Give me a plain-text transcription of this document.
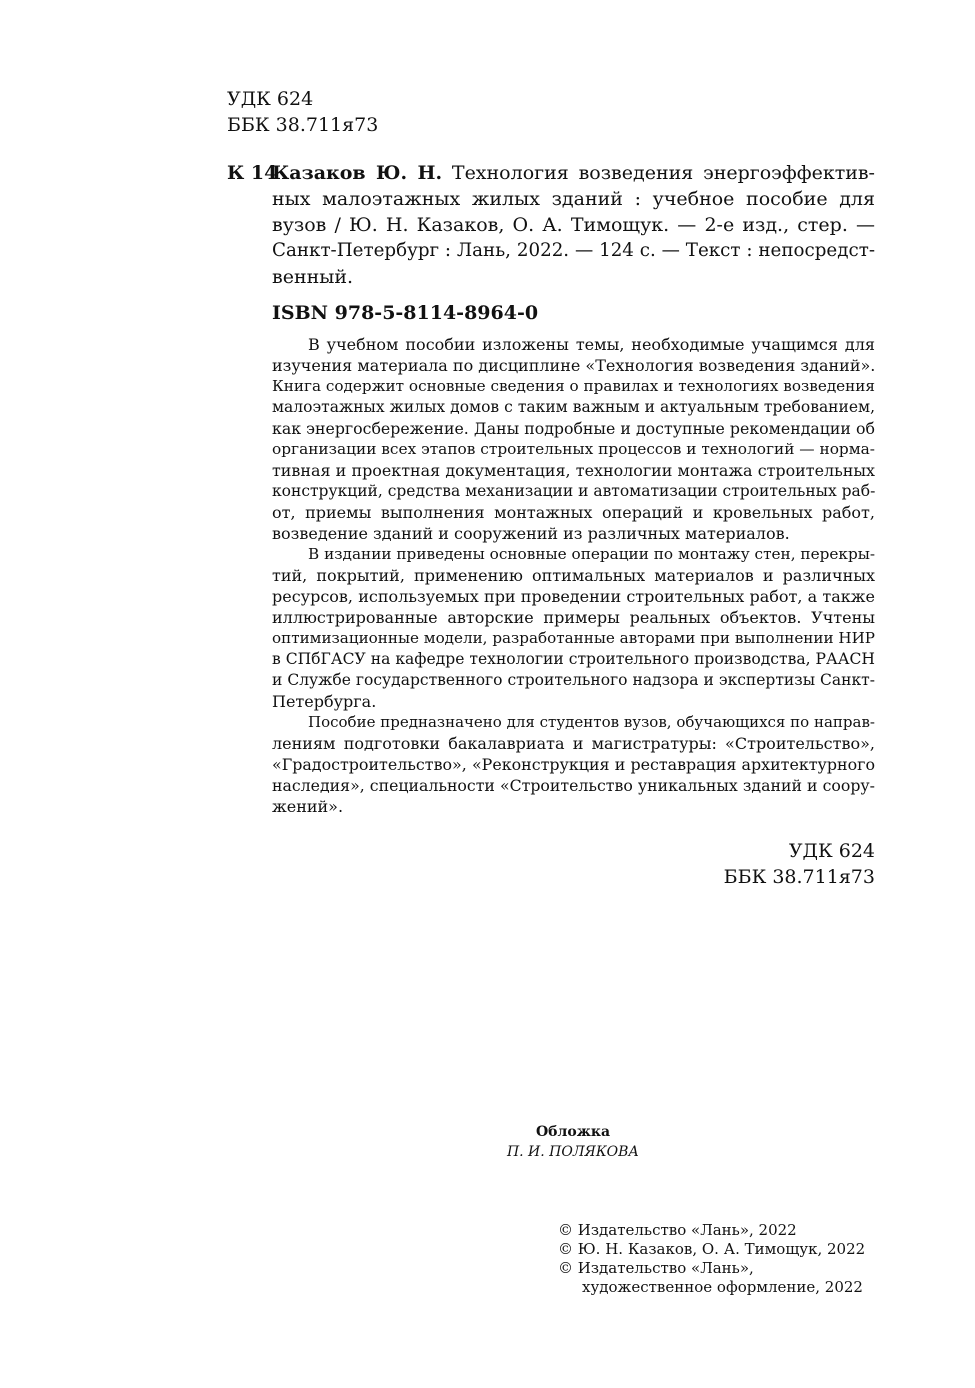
УДК 624
ББК 38.711я73
К 14
Казаков Ю. Н. Технология возведения энергоэффектив-
ных малоэтажных жилых зданий : учебное пособие для
вузов / Ю. Н. Казаков, О. А. Тимощук. — 2-е изд., стер. —
Санкт-Петербург : Лань, 2022. — 124 с. — Текст : непосредст-
венный.
ISBN 978-5-8114-8964-0
В учебном пособии изложены темы, необходимые учащимся для
изучения материала по дисциплине «Технология возведения зданий».
Книга содержит основные сведения о правилах и технологиях возведения
малоэтажных жилых домов с таким важным и актуальным требованием,
как энергосбережение. Даны подробные и доступные рекомендации об
организации всех этапов строительных процессов и технологий — норма-
тивная и проектная документация, технологии монтажа строительных
конструкций, средства механизации и автоматизации строительных раб-
от, приемы выполнения монтажных операций и кровельных работ,
возведение зданий и сооружений из различных материалов.
В издании приведены основные операции по монтажу стен, перекры-
тий, покрытий, применению оптимальных материалов и различных
ресурсов, используемых при проведении строительных работ, а также
иллюстрированные авторские примеры реальных объектов. Учтены
оптимизационные модели, разработанные авторами при выполнении НИР
в СПбГАСУ на кафедре технологии строительного производства, РААСН
и Службе государственного строительного надзора и экспертизы Санкт-
Петербурга.
Пособие предназначено для студентов вузов, обучающихся по направ-
лениям подготовки бакалавриата и магистратуры: «Строительство»,
«Градостроительство», «Реконструкция и реставрация архитектурного
наследия», специальности «Строительство уникальных зданий и соору-
жений».
УДК 624
ББК 38.711я73
Обложка
П. И. ПОЛЯКОВА
© Издательство «Лань», 2022
© Ю. Н. Казаков, О. А. Тимощук, 2022
© Издательство «Лань»,
художественное оформление, 2022
